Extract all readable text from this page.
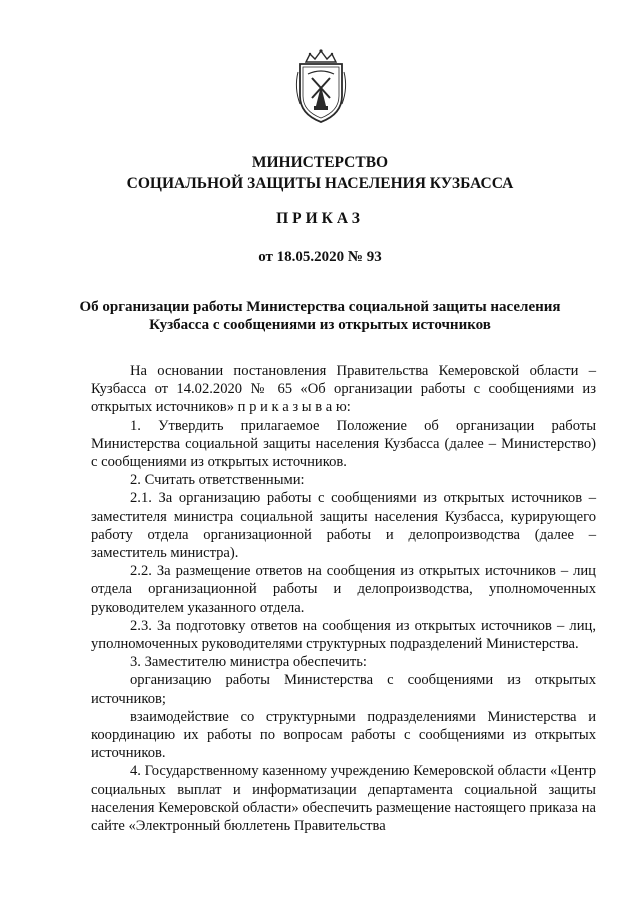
МИНИСТЕРСТВО
СОЦИАЛЬНОЙ ЗАЩИТЫ НАСЕЛЕНИЯ КУЗБАССА
ПРИКАЗ
от 18.05.2020 № 93
Об организации работы Министерства социальной защиты населения
Кузбасса с сообщениями из открытых источников

На основании постановления Правительства Кемеровской области – Кузбасса от 14.02.2020 № 65 «Об организации работы с сообщениями из открытых источников» п р и к а з ы в а ю:

1. Утвердить прилагаемое Положение об организации работы Министерства социальной защиты населения Кузбасса (далее – Министерство) с сообщениями из открытых источников.

2. Считать ответственными:

2.1. За организацию работы с сообщениями из открытых источников – заместителя министра социальной защиты населения Кузбасса, курирующего работу отдела организационной работы и делопроизводства (далее – заместитель министра).

2.2. За размещение ответов на сообщения из открытых источников – лиц отдела организационной работы и делопроизводства, уполномоченных руководителем указанного отдела.

2.3. За подготовку ответов на сообщения из открытых источников – лиц, уполномоченных руководителями структурных подразделений Министерства.

3. Заместителю министра обеспечить:

организацию работы Министерства с сообщениями из открытых источников;

взаимодействие со структурными подразделениями Министерства и координацию их работы по вопросам работы с сообщениями из открытых источников.

4. Государственному казенному учреждению Кемеровской области «Центр социальных выплат и информатизации департамента социальной защиты населения Кемеровской области» обеспечить размещение настоящего приказа на сайте «Электронный бюллетень Правительства
